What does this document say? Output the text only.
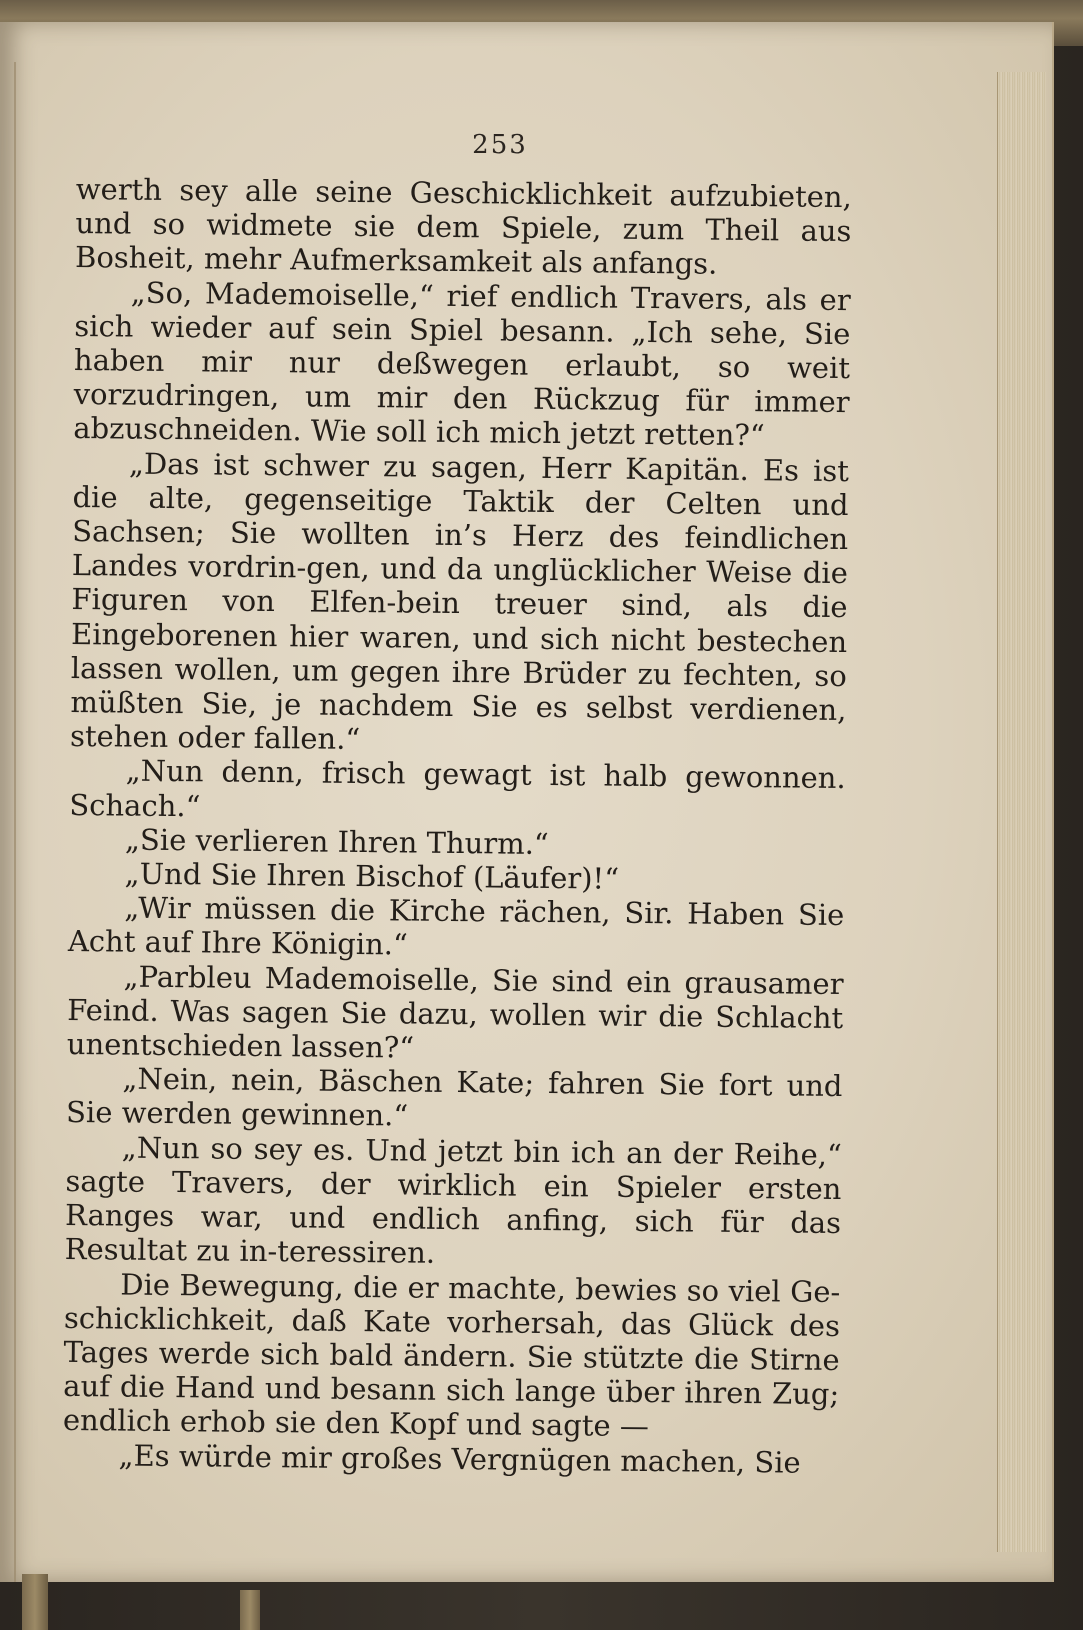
253

werth sey alle seine Geschicklichkeit aufzubieten, und so widmete sie dem Spiele, zum Theil aus Bosheit, mehr Aufmerksamkeit als anfangs.

„So, Mademoiselle,“ rief endlich Travers, als er sich wieder auf sein Spiel besann. „Ich sehe, Sie haben mir nur deßwegen erlaubt, so weit vorzudringen, um mir den Rückzug für immer abzuschneiden. Wie soll ich mich jetzt retten?“

„Das ist schwer zu sagen, Herr Kapitän. Es ist die alte, gegenseitige Taktik der Celten und Sachsen; Sie wollten in’s Herz des feindlichen Landes vordrin-gen, und da unglücklicher Weise die Figuren von Elfen-bein treuer sind, als die Eingeborenen hier waren, und sich nicht bestechen lassen wollen, um gegen ihre Brüder zu fechten, so müßten Sie, je nachdem Sie es selbst verdienen, stehen oder fallen.“

„Nun denn, frisch gewagt ist halb gewonnen. Schach.“

„Sie verlieren Ihren Thurm.“

„Und Sie Ihren Bischof (Läufer)!“

„Wir müssen die Kirche rächen, Sir. Haben Sie Acht auf Ihre Königin.“

„Parbleu Mademoiselle, Sie sind ein grausamer Feind. Was sagen Sie dazu, wollen wir die Schlacht unentschieden lassen?“

„Nein, nein, Bäschen Kate; fahren Sie fort und Sie werden gewinnen.“

„Nun so sey es. Und jetzt bin ich an der Reihe,“ sagte Travers, der wirklich ein Spieler ersten Ranges war, und endlich anfing, sich für das Resultat zu in-teressiren.

Die Bewegung, die er machte, bewies so viel Ge-schicklichkeit, daß Kate vorhersah, das Glück des Tages werde sich bald ändern. Sie stützte die Stirne auf die Hand und besann sich lange über ihren Zug; endlich erhob sie den Kopf und sagte —

„Es würde mir großes Vergnügen machen, Sie
